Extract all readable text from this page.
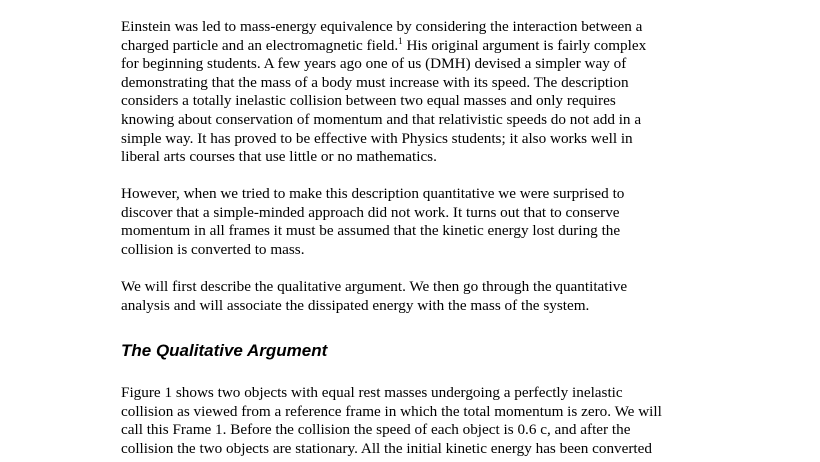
Einstein was led to mass-energy equivalence by considering the interaction between a
charged particle and an electromagnetic field.$^1$ His original argument is fairly complex
for beginning students. A few years ago one of us (DMH) devised a simpler way of
demonstrating that the mass of a body must increase with its speed. The description
considers a totally inelastic collision between two equal masses and only requires
knowing about conservation of momentum and that relativistic speeds do not add in a
simple way. It has proved to be effective with Physics students; it also works well in
liberal arts courses that use little or no mathematics.

However, when we tried to make this description quantitative we were surprised to
discover that a simple-minded approach did not work. It turns out that to conserve
momentum in all frames it must be assumed that the kinetic energy lost during the
collision is converted to mass.

We will first describe the qualitative argument. We then go through the quantitative
analysis and will associate the dissipated energy with the mass of the system.

The Qualitative Argument

Figure 1 shows two objects with equal rest masses undergoing a perfectly inelastic
collision as viewed from a reference frame in which the total momentum is zero. We will
call this Frame 1. Before the collision the speed of each object is 0.6 c, and after the
collision the two objects are stationary. All the initial kinetic energy has been converted
